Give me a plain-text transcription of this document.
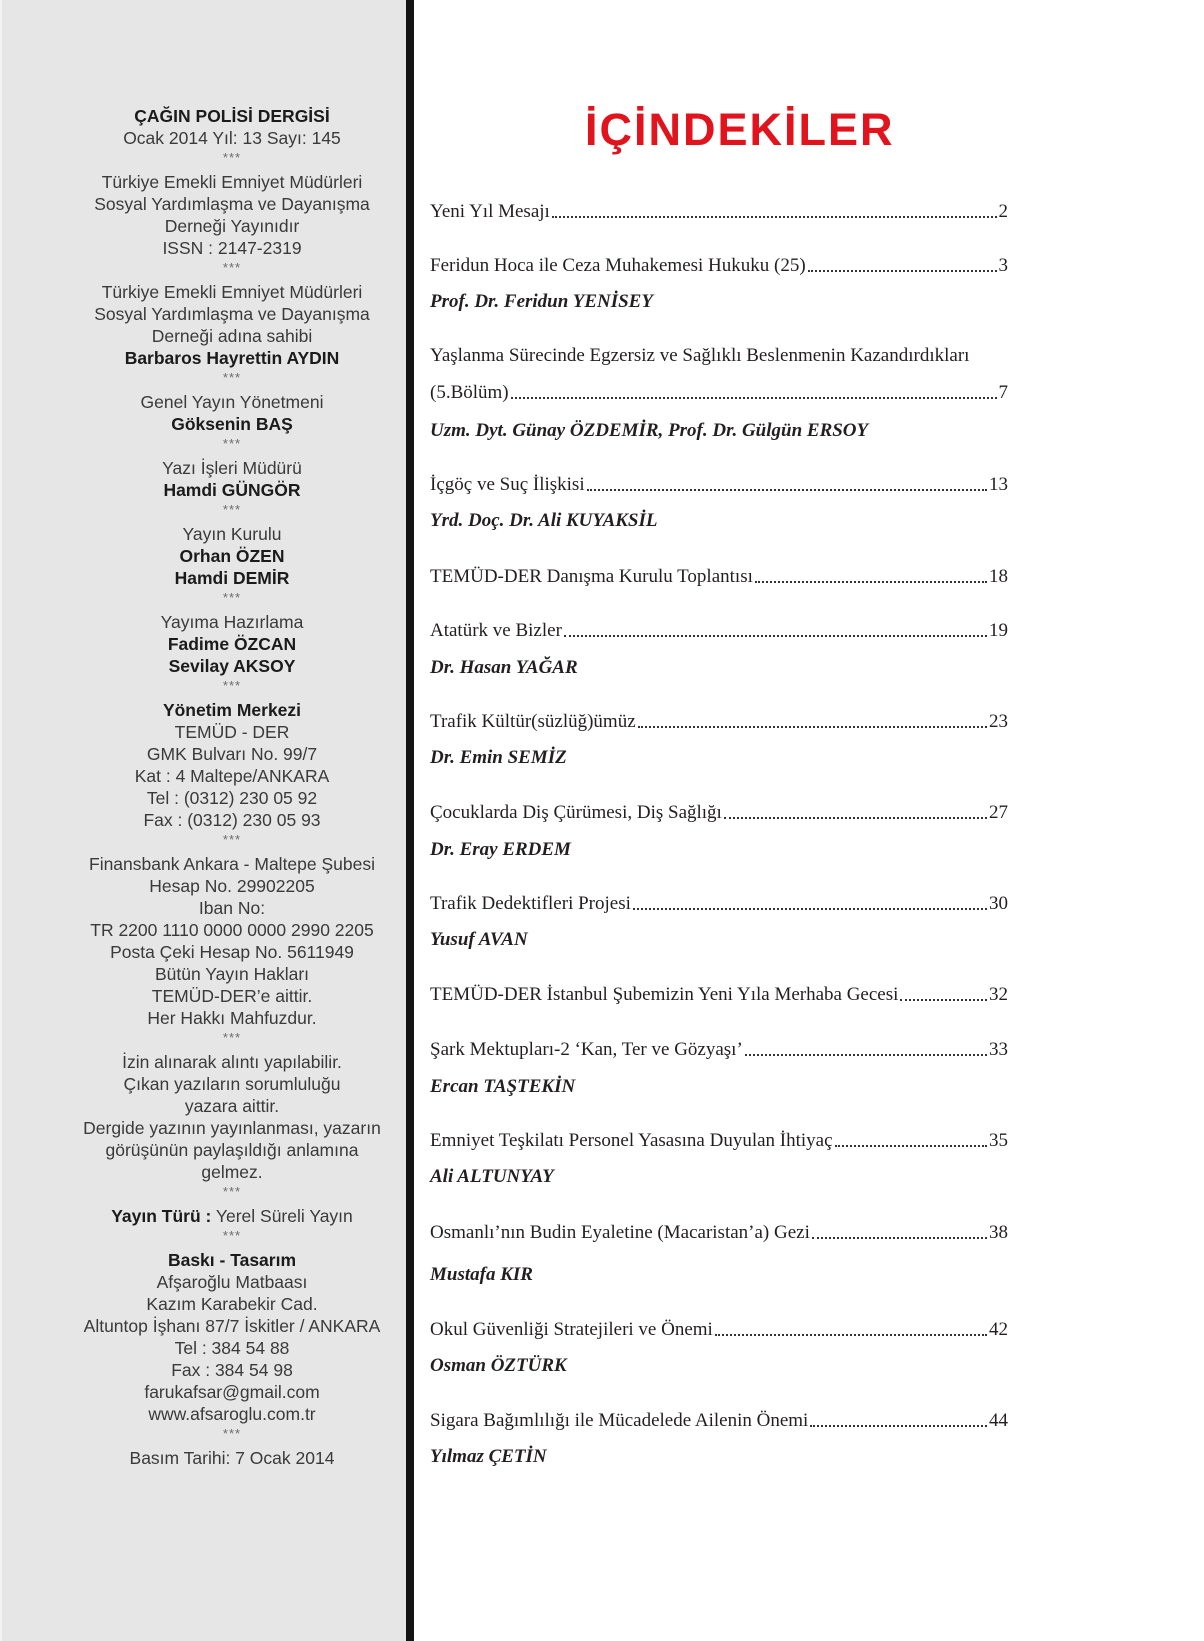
ÇAĞIN POLİSİ DERGİSİ
Ocak 2014 Yıl: 13 Sayı: 145
***
Türkiye Emekli Emniyet Müdürleri
Sosyal Yardımlaşma ve Dayanışma
Derneği Yayınıdır
ISSN : 2147-2319
***
Türkiye Emekli Emniyet Müdürleri
Sosyal Yardımlaşma ve Dayanışma
Derneği adına sahibi
Barbaros Hayrettin AYDIN
***
Genel Yayın Yönetmeni
Göksenin BAŞ
***
Yazı İşleri Müdürü
Hamdi GÜNGÖR
***
Yayın Kurulu
Orhan ÖZEN
Hamdi DEMİR
***
Yayıma Hazırlama
Fadime ÖZCAN
Sevilay AKSOY
***
Yönetim Merkezi
TEMÜD - DER
GMK Bulvarı No. 99/7
Kat : 4 Maltepe/ANKARA
Tel : (0312) 230 05 92
Fax : (0312) 230 05 93
***
Finansbank Ankara - Maltepe Şubesi
Hesap No. 29902205
Iban No:
TR 2200 1110 0000 0000 2990 2205
Posta Çeki Hesap No. 5611949
Bütün Yayın Hakları
TEMÜD-DER’e aittir.
Her Hakkı Mahfuzdur.
***
İzin alınarak alıntı yapılabilir.
Çıkan yazıların sorumluluğu
yazara aittir.
Dergide yazının yayınlanması, yazarın
görüşünün paylaşıldığı anlamına
gelmez.
***
Yayın Türü : Yerel Süreli Yayın
***
Baskı - Tasarım
Afşaroğlu Matbaası
Kazım Karabekir Cad.
Altuntop İşhanı 87/7 İskitler / ANKARA
Tel : 384 54 88
Fax : 384 54 98
farukafsar@gmail.com
www.afsaroglu.com.tr
***
Basım Tarihi: 7 Ocak 2014
İÇİNDEKİLER
Yeni Yıl Mesajı	2
Feridun Hoca ile Ceza Muhakemesi Hukuku (25)	3
Prof. Dr. Feridun YENİSEY
Yaşlanma Sürecinde Egzersiz ve Sağlıklı Beslenmenin Kazandırdıkları
(5.Bölüm)	7
Uzm. Dyt. Günay ÖZDEMİR, Prof. Dr. Gülgün ERSOY
İçgöç ve Suç İlişkisi	13
Yrd. Doç. Dr. Ali KUYAKSİL
TEMÜD-DER Danışma Kurulu Toplantısı	18
Atatürk ve Bizler	19
Dr. Hasan YAĞAR
Trafik Kültür(süzlüğ)ümüz	23
Dr. Emin SEMİZ
Çocuklarda Diş Çürümesi, Diş Sağlığı	27
Dr. Eray ERDEM
Trafik Dedektifleri Projesi	30
Yusuf AVAN
TEMÜD-DER İstanbul Şubemizin Yeni Yıla Merhaba Gecesi	32
Şark Mektupları-2 ‘Kan, Ter ve Gözyaşı’	33
Ercan TAŞTEKİN
Emniyet Teşkilatı Personel Yasasına Duyulan İhtiyaç	35
Ali ALTUNYAY
Osmanlı’nın Budin Eyaletine (Macaristan’a) Gezi	38
Mustafa KIR
Okul Güvenliği Stratejileri ve Önemi	42
Osman ÖZTÜRK
Sigara Bağımlılığı ile Mücadelede Ailenin Önemi	44
Yılmaz ÇETİN
